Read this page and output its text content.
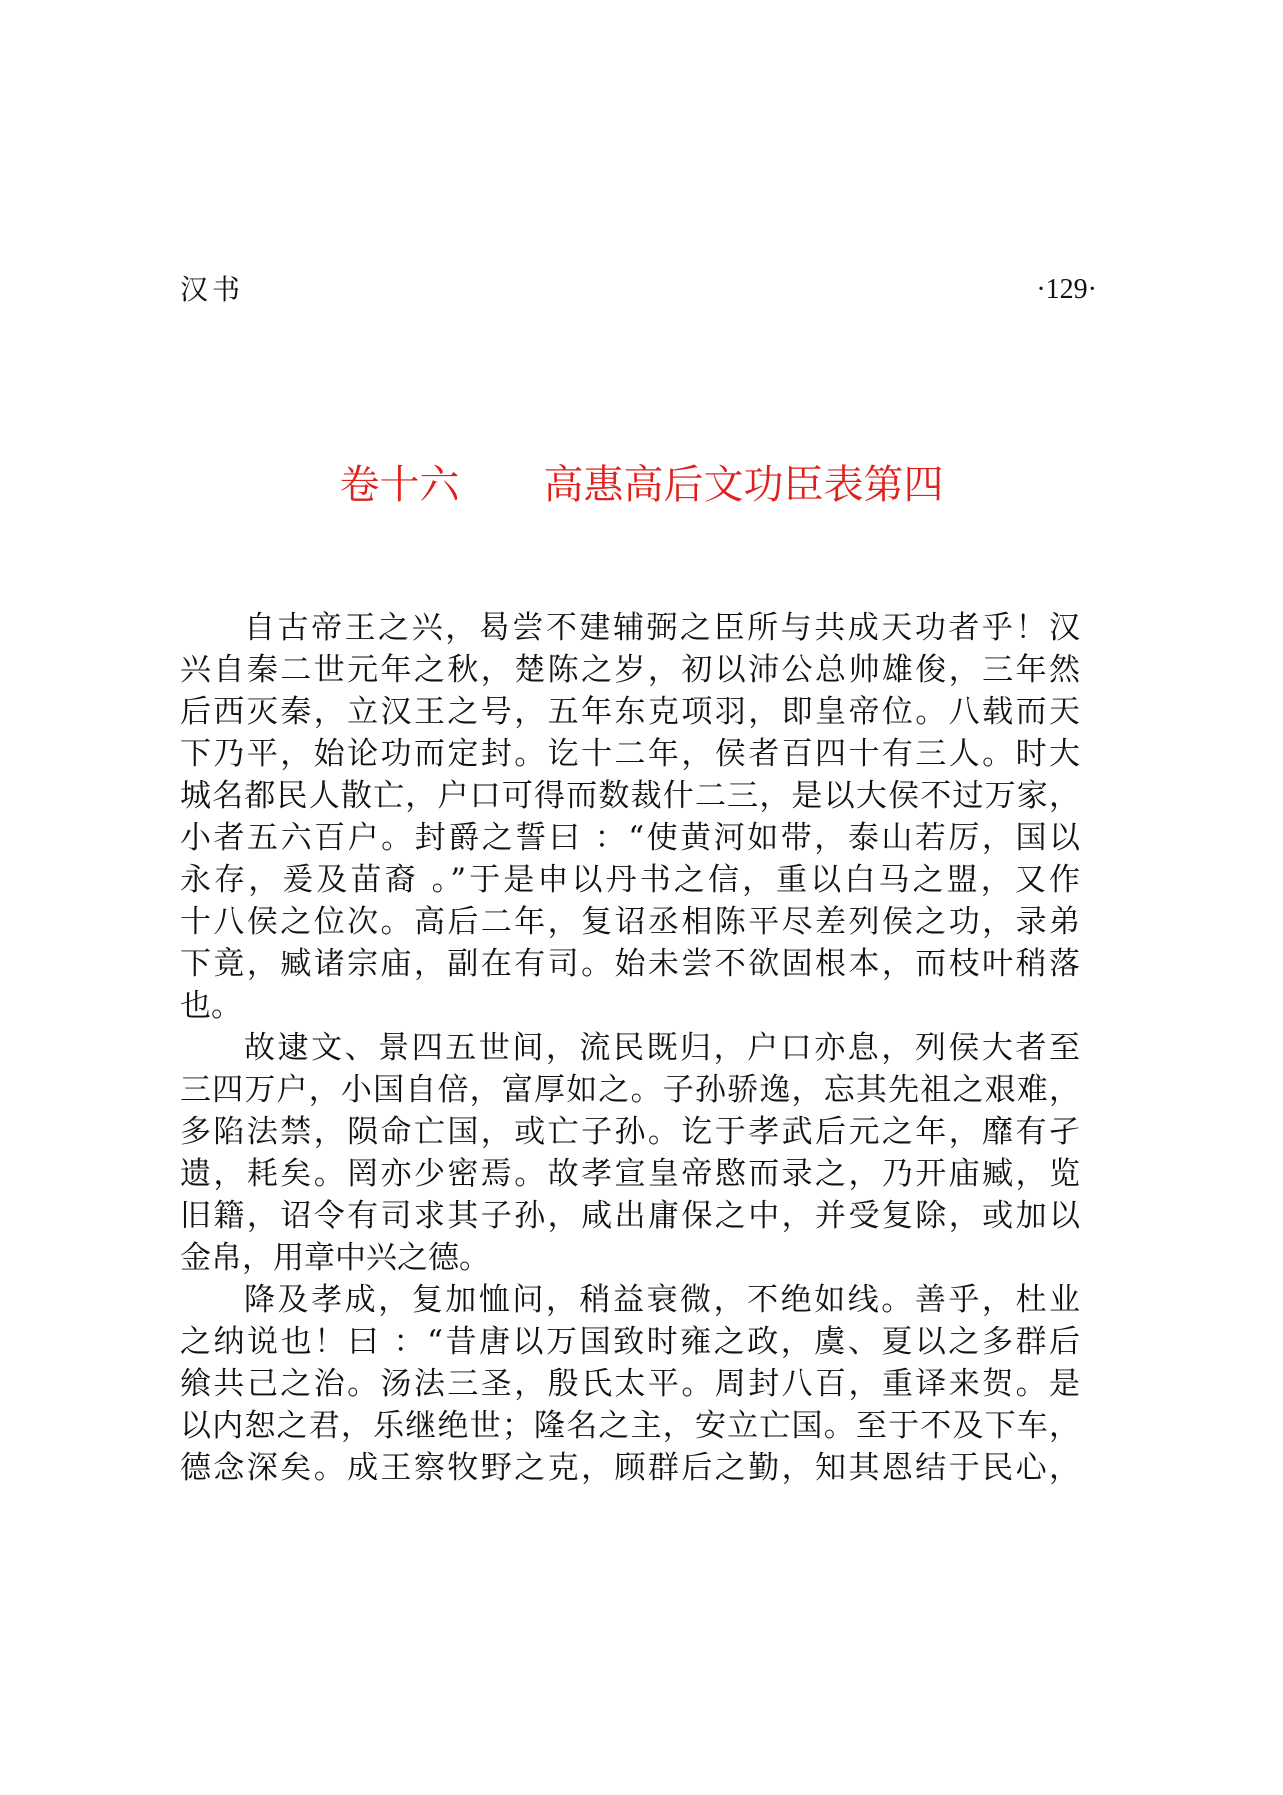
汉书	·129·
卷十六 高惠高后文功臣表第四

自古帝王之兴，曷尝不建辅弼之臣所与共成天功者乎！汉
兴自秦二世元年之秋，楚陈之岁，初以沛公总帅雄俊，三年然
后西灭秦，立汉王之号，五年东克项羽，即皇帝位。八载而天
下乃平，始论功而定封。讫十二年，侯者百四十有三人。时大
城名都民人散亡，户口可得而数裁什二三，是以大侯不过万家，
小者五六百户。封爵之誓曰 ：“使黄河如带，泰山若厉，国以
永存，爰及苗裔 。”于是申以丹书之信，重以白马之盟，又作
十八侯之位次。高后二年，复诏丞相陈平尽差列侯之功，录弟
下竟，臧诸宗庙，副在有司。始未尝不欲固根本，而枝叶稍落
也。

故逮文、景四五世间，流民既归，户口亦息，列侯大者至
三四万户，小国自倍，富厚如之。子孙骄逸，忘其先祖之艰难，
多陷法禁，陨命亡国，或亡子孙。讫于孝武后元之年，靡有孑
遗，耗矣。罔亦少密焉。故孝宣皇帝愍而录之，乃开庙臧，览
旧籍，诏令有司求其子孙，咸出庸保之中，并受复除，或加以
金帛，用章中兴之德。

降及孝成，复加恤问，稍益衰微，不绝如线。善乎，杜业
之纳说也！曰 ：“昔唐以万国致时雍之政，虞、夏以之多群后
飨共己之治。汤法三圣，殷氏太平。周封八百，重译来贺。是
以内恕之君，乐继绝世；隆名之主，安立亡国。至于不及下车，
德念深矣。成王察牧野之克，顾群后之勤，知其恩结于民心，
